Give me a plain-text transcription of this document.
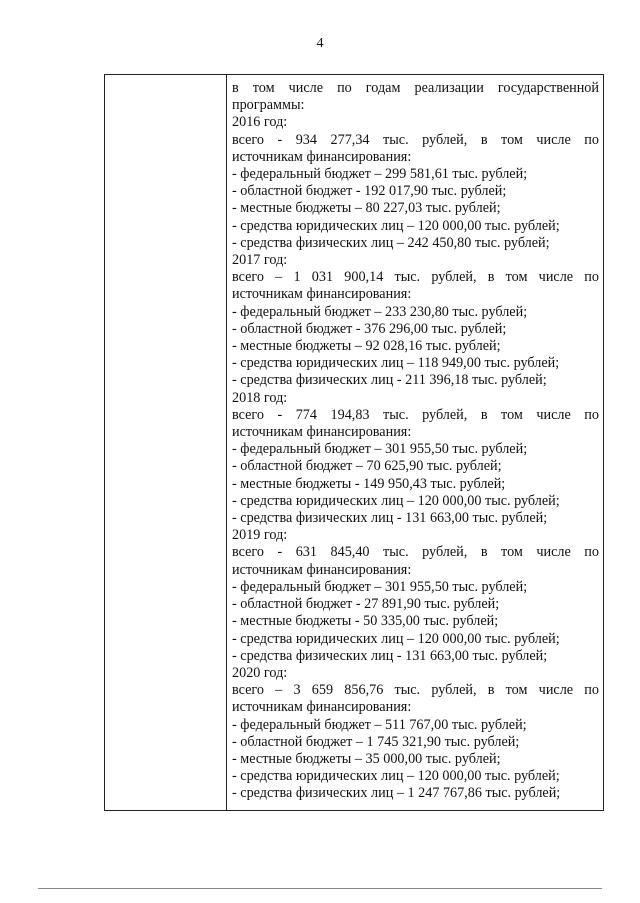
4
в том числе по годам реализации государственной
программы:
2016 год:
всего - 934 277,34 тыс. рублей, в том числе по
источникам финансирования:
- федеральный бюджет – 299 581,61 тыс. рублей;
- областной бюджет - 192 017,90 тыс. рублей;
- местные бюджеты – 80 227,03 тыс. рублей;
- средства юридических лиц – 120 000,00 тыс. рублей;
- средства физических лиц – 242 450,80 тыс. рублей;
2017 год:
всего – 1 031 900,14 тыс. рублей, в том числе по
источникам финансирования:
- федеральный бюджет – 233 230,80 тыс. рублей;
- областной бюджет - 376 296,00 тыс. рублей;
- местные бюджеты – 92 028,16 тыс. рублей;
- средства юридических лиц – 118 949,00 тыс. рублей;
- средства физических лиц - 211 396,18 тыс. рублей;
2018 год:
всего - 774 194,83 тыс. рублей, в том числе по
источникам финансирования:
- федеральный бюджет – 301 955,50 тыс. рублей;
- областной бюджет – 70 625,90 тыс. рублей;
- местные бюджеты - 149 950,43 тыс. рублей;
- средства юридических лиц – 120 000,00 тыс. рублей;
- средства физических лиц - 131 663,00 тыс. рублей;
2019 год:
всего - 631 845,40 тыс. рублей, в том числе по
источникам финансирования:
- федеральный бюджет – 301 955,50 тыс. рублей;
- областной бюджет - 27 891,90 тыс. рублей;
- местные бюджеты - 50 335,00 тыс. рублей;
- средства юридических лиц – 120 000,00 тыс. рублей;
- средства физических лиц - 131 663,00 тыс. рублей;
2020 год:
всего – 3 659 856,76 тыс. рублей, в том числе по
источникам финансирования:
- федеральный бюджет – 511 767,00 тыс. рублей;
- областной бюджет – 1 745 321,90 тыс. рублей;
- местные бюджеты – 35 000,00 тыс. рублей;
- средства юридических лиц – 120 000,00 тыс. рублей;
- средства физических лиц – 1 247 767,86 тыс. рублей;
